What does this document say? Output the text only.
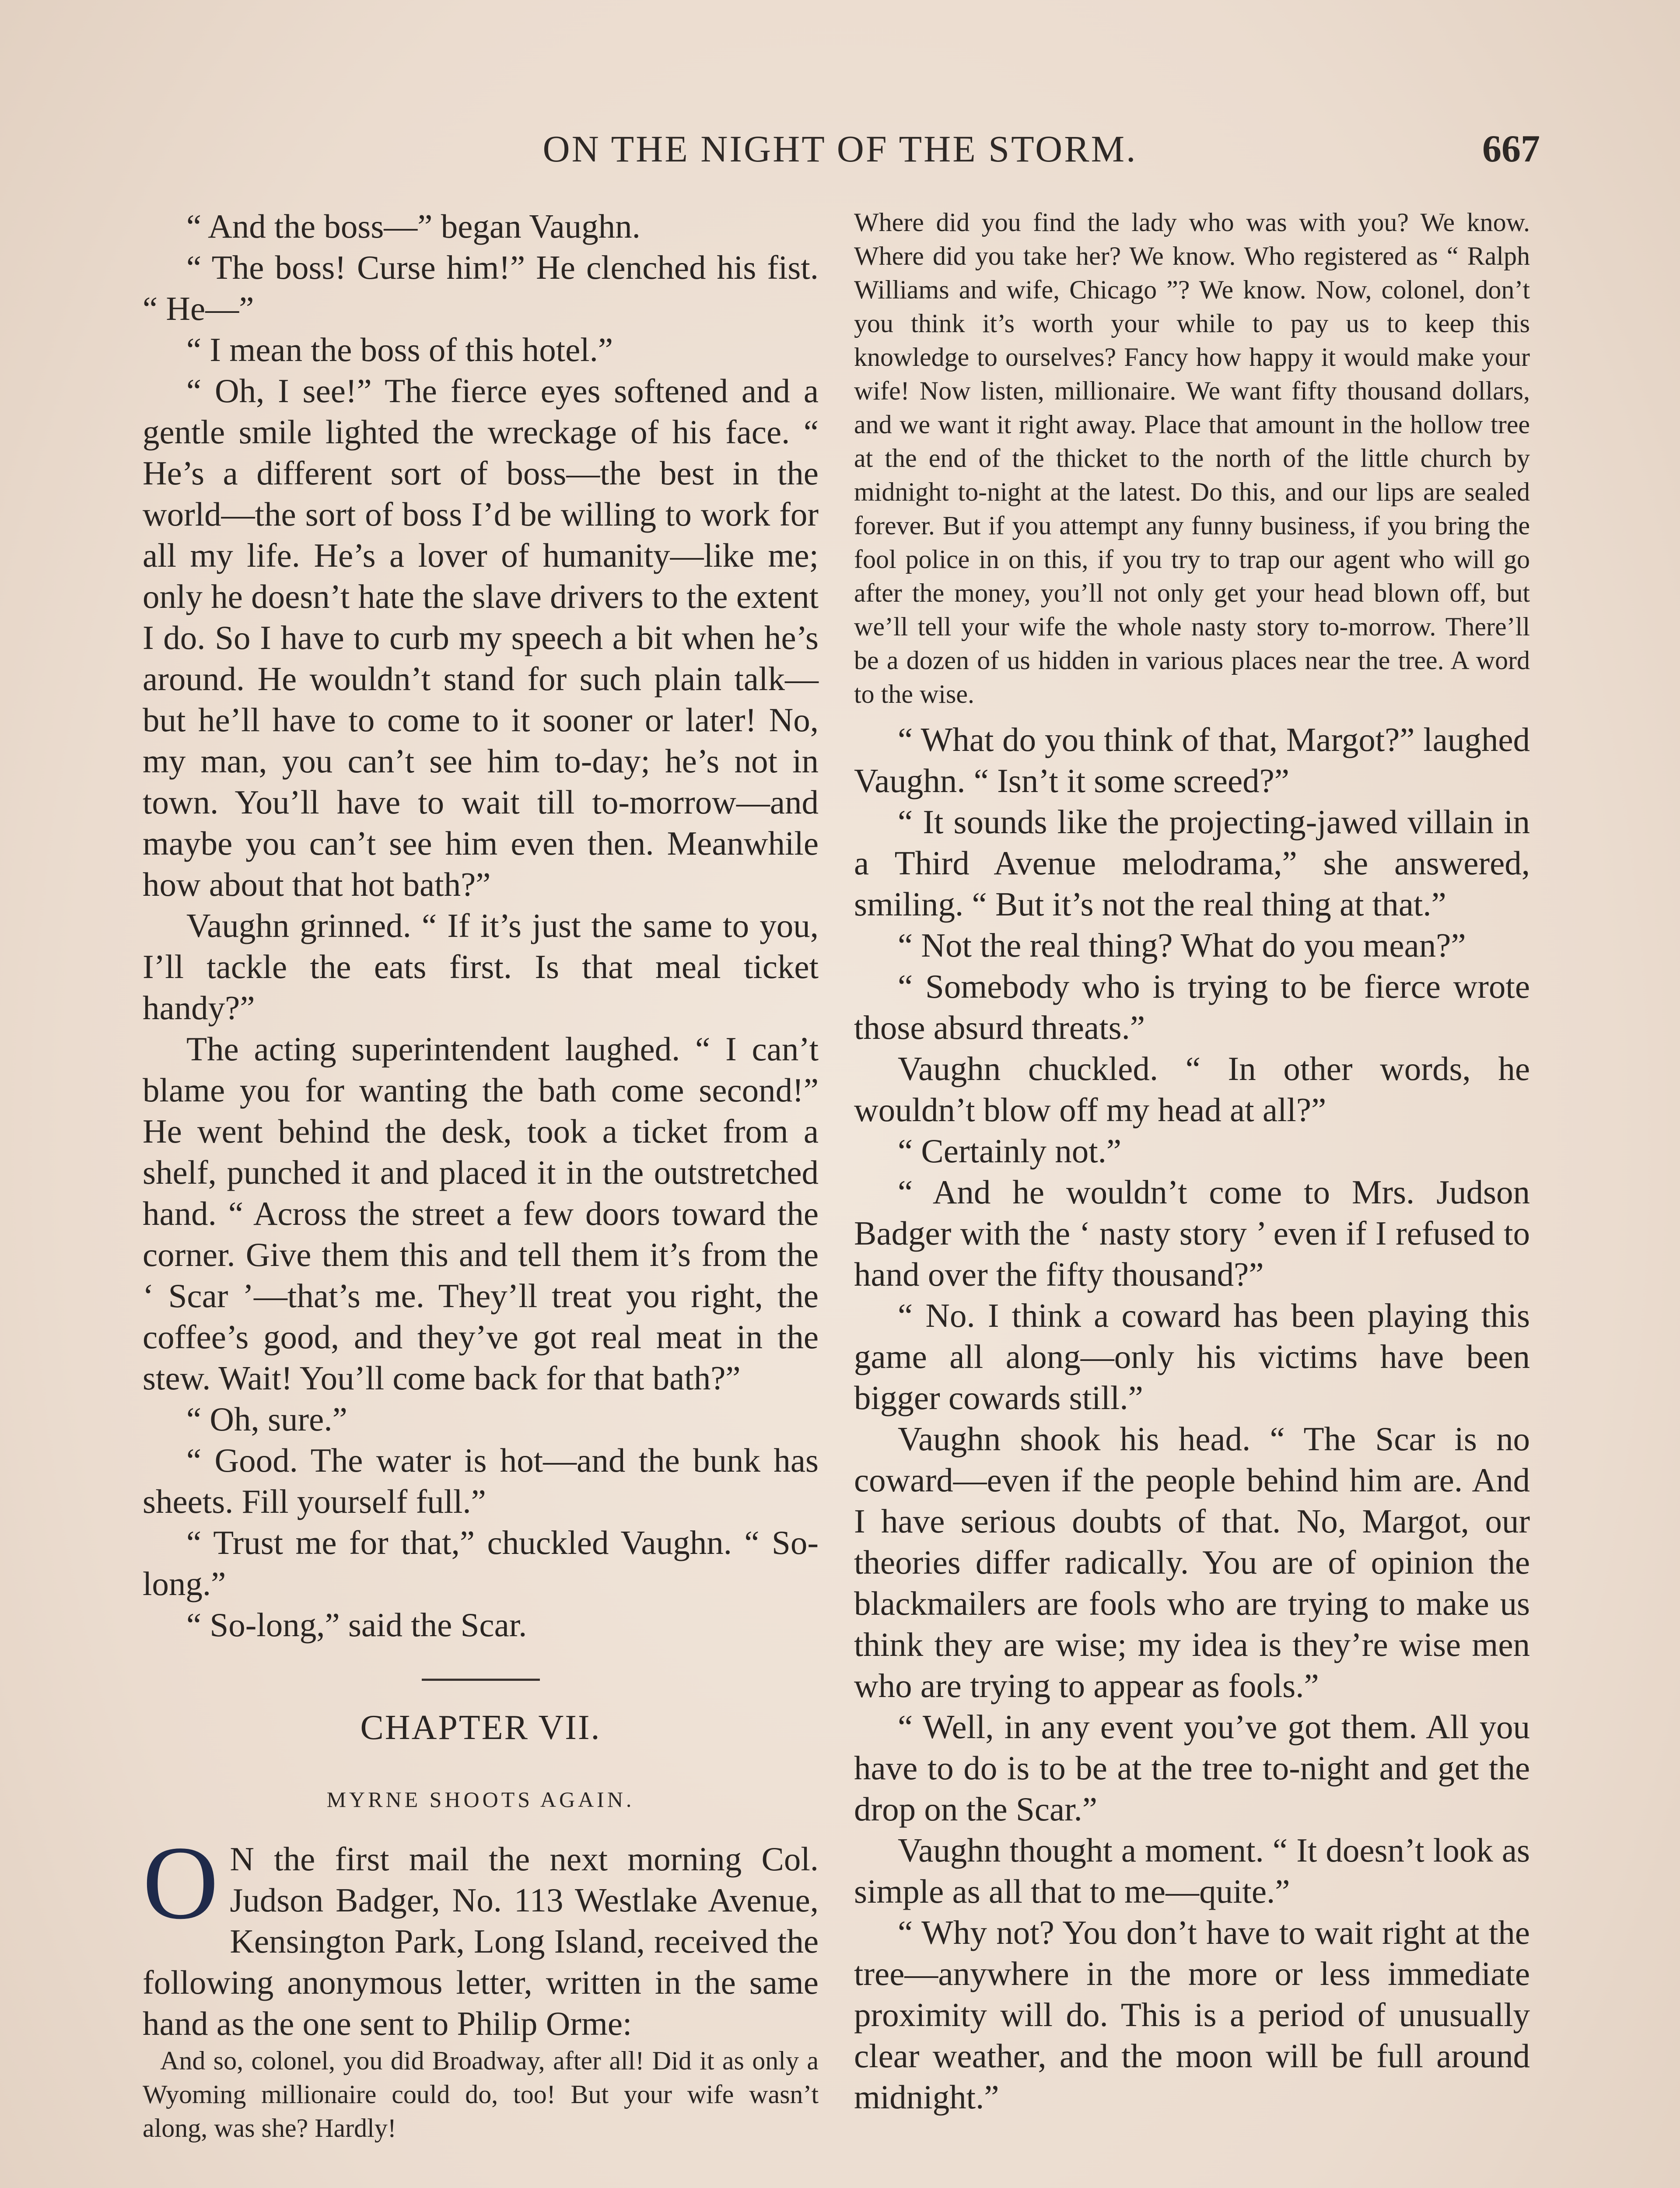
ON THE NIGHT OF THE STORM.	667

“ And the boss—” began Vaughn.

“ The boss! Curse him!” He clenched his fist. “ He—”

“ I mean the boss of this hotel.”

“ Oh, I see!” The fierce eyes softened and a gentle smile lighted the wreckage of his face. “ He’s a different sort of boss—the best in the world—the sort of boss I’d be willing to work for all my life. He’s a lover of humanity—like me; only he doesn’t hate the slave drivers to the extent I do. So I have to curb my speech a bit when he’s around. He wouldn’t stand for such plain talk—but he’ll have to come to it sooner or later! No, my man, you can’t see him to-day; he’s not in town. You’ll have to wait till to-morrow—and maybe you can’t see him even then. Meanwhile how about that hot bath?”

Vaughn grinned. “ If it’s just the same to you, I’ll tackle the eats first. Is that meal ticket handy?”

The acting superintendent laughed. “ I can’t blame you for wanting the bath come second!” He went behind the desk, took a ticket from a shelf, punched it and placed it in the outstretched hand. “ Across the street a few doors toward the corner. Give them this and tell them it’s from the ‘ Scar ’—that’s me. They’ll treat you right, the coffee’s good, and they’ve got real meat in the stew. Wait! You’ll come back for that bath?”

“ Oh, sure.”

“ Good. The water is hot—and the bunk has sheets. Fill yourself full.”

“ Trust me for that,” chuckled Vaughn. “ So-long.”

“ So-long,” said the Scar.

CHAPTER VII.
MYRNE SHOOTS AGAIN.

O N the first mail the next morning Col. Judson Badger, No. 113 Westlake Avenue, Kensington Park, Long Island, received the following anonymous letter, written in the same hand as the one sent to Philip Orme:

And so, colonel, you did Broadway, after all! Did it as only a Wyoming millionaire could do, too! But your wife wasn’t along, was she? Hardly!

Where did you find the lady who was with you? We know. Where did you take her? We know. Who registered as “ Ralph Williams and wife, Chicago ”? We know. Now, colonel, don’t you think it’s worth your while to pay us to keep this knowledge to ourselves? Fancy how happy it would make your wife! Now listen, millionaire. We want fifty thousand dollars, and we want it right away. Place that amount in the hollow tree at the end of the thicket to the north of the little church by midnight to-night at the latest. Do this, and our lips are sealed forever. But if you attempt any funny business, if you bring the fool police in on this, if you try to trap our agent who will go after the money, you’ll not only get your head blown off, but we’ll tell your wife the whole nasty story to-morrow. There’ll be a dozen of us hidden in various places near the tree. A word to the wise.

“ What do you think of that, Margot?” laughed Vaughn. “ Isn’t it some screed?”

“ It sounds like the projecting-jawed villain in a Third Avenue melodrama,” she answered, smiling. “ But it’s not the real thing at that.”

“ Not the real thing? What do you mean?”

“ Somebody who is trying to be fierce wrote those absurd threats.”

Vaughn chuckled. “ In other words, he wouldn’t blow off my head at all?”

“ Certainly not.”

“ And he wouldn’t come to Mrs. Judson Badger with the ‘ nasty story ’ even if I refused to hand over the fifty thousand?”

“ No. I think a coward has been playing this game all along—only his victims have been bigger cowards still.”

Vaughn shook his head. “ The Scar is no coward—even if the people behind him are. And I have serious doubts of that. No, Margot, our theories differ radically. You are of opinion the blackmailers are fools who are trying to make us think they are wise; my idea is they’re wise men who are trying to appear as fools.”

“ Well, in any event you’ve got them. All you have to do is to be at the tree to-night and get the drop on the Scar.”

Vaughn thought a moment. “ It doesn’t look as simple as all that to me—quite.”

“ Why not? You don’t have to wait right at the tree—anywhere in the more or less immediate proximity will do. This is a period of unusually clear weather, and the moon will be full around midnight.”
